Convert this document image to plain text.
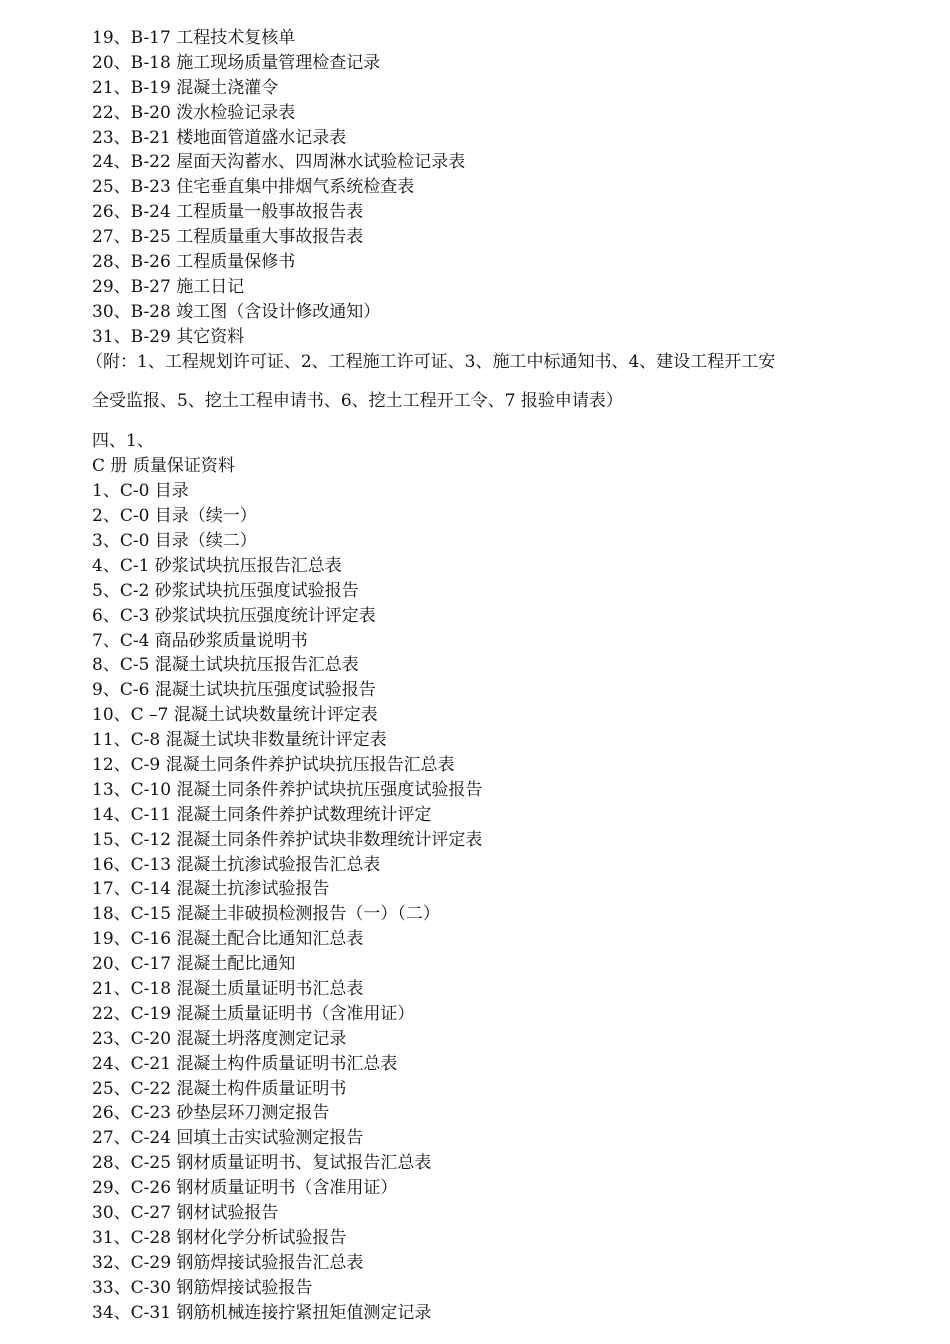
19、B-17 工程技术复核单
20、B-18 施工现场质量管理检查记录
21、B-19 混凝土浇灌令
22、B-20 泼水检验记录表
23、B-21 楼地面管道盛水记录表
24、B-22 屋面天沟蓄水、四周淋水试验检记录表
25、B-23 住宅垂直集中排烟气系统检查表
26、B-24 工程质量一般事故报告表
27、B-25 工程质量重大事故报告表
28、B-26 工程质量保修书
29、B-27 施工日记
30、B-28 竣工图（含设计修改通知）
31、B-29 其它资料
（附：1、工程规划许可证、2、工程施工许可证、3、施工中标通知书、4、建设工程开工安
全受监报、5、挖土工程申请书、6、挖土工程开工令、7 报验申请表）
四、1、
C 册 质量保证资料
1、C-0 目录
2、C-0 目录（续一）
3、C-0 目录（续二）
4、C-1 砂浆试块抗压报告汇总表
5、C-2 砂浆试块抗压强度试验报告
6、C-3 砂浆试块抗压强度统计评定表
7、C-4 商品砂浆质量说明书
8、C-5 混凝土试块抗压报告汇总表
9、C-6 混凝土试块抗压强度试验报告
10、C –7 混凝土试块数量统计评定表
11、C-8 混凝土试块非数量统计评定表
12、C-9 混凝土同条件养护试块抗压报告汇总表
13、C-10 混凝土同条件养护试块抗压强度试验报告
14、C-11 混凝土同条件养护试数理统计评定
15、C-12 混凝土同条件养护试块非数理统计评定表
16、C-13 混凝土抗渗试验报告汇总表
17、C-14 混凝土抗渗试验报告
18、C-15 混凝土非破损检测报告（一）（二）
19、C-16 混凝土配合比通知汇总表
20、C-17 混凝土配比通知
21、C-18 混凝土质量证明书汇总表
22、C-19 混凝土质量证明书（含准用证）
23、C-20 混凝土坍落度测定记录
24、C-21 混凝土构件质量证明书汇总表
25、C-22 混凝土构件质量证明书
26、C-23 砂垫层环刀测定报告
27、C-24 回填土击实试验测定报告
28、C-25 钢材质量证明书、复试报告汇总表
29、C-26 钢材质量证明书（含准用证）
30、C-27 钢材试验报告
31、C-28 钢材化学分析试验报告
32、C-29 钢筋焊接试验报告汇总表
33、C-30 钢筋焊接试验报告
34、C-31 钢筋机械连接拧紧扭矩值测定记录
